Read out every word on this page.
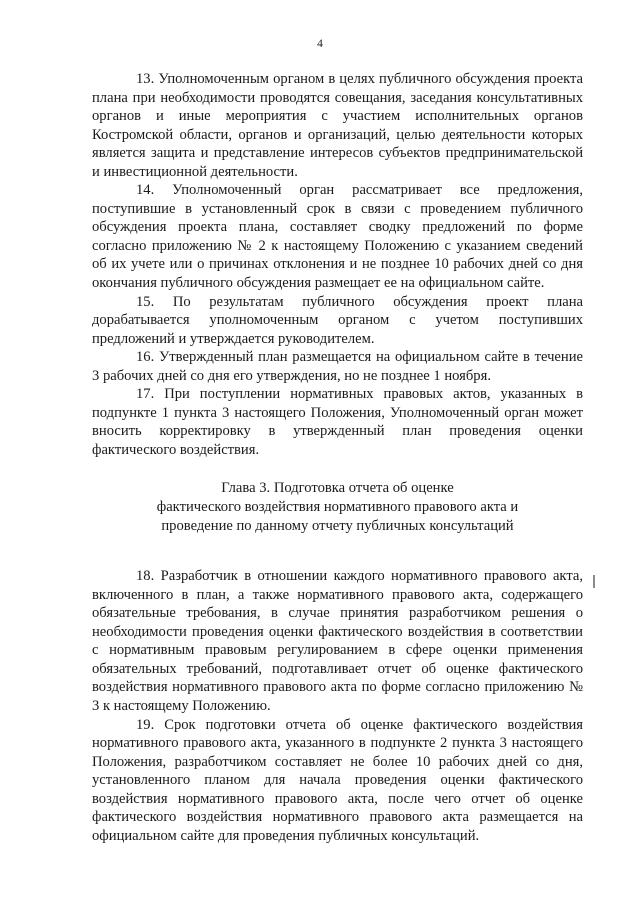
4

13. Уполномоченным органом в целях публичного обсуждения проекта плана при необходимости проводятся совещания, заседания консультативных органов и иные мероприятия с участием исполнительных органов Костромской области, органов и организаций, целью деятельности которых является защита и представление интересов субъектов предпринимательской и инвестиционной деятельности.

14. Уполномоченный орган рассматривает все предложения, поступившие в установленный срок в связи с проведением публичного обсуждения проекта плана, составляет сводку предложений по форме согласно приложению № 2 к настоящему Положению с указанием сведений об их учете или о причинах отклонения и не позднее 10 рабочих дней со дня окончания публичного обсуждения размещает ее на официальном сайте.

15. По результатам публичного обсуждения проект плана дорабатывается уполномоченным органом с учетом поступивших предложений и утверждается руководителем.

16. Утвержденный план размещается на официальном сайте в течение 3 рабочих дней со дня его утверждения, но не позднее 1 ноября.

17. При поступлении нормативных правовых актов, указанных в подпункте 1 пункта 3 настоящего Положения, Уполномоченный орган может вносить корректировку в утвержденный план проведения оценки фактического воздействия.

Глава 3. Подготовка отчета об оценке
фактического воздействия нормативного правового акта и
проведение по данному отчету публичных консультаций

18. Разработчик в отношении каждого нормативного правового акта, включенного в план, а также нормативного правового акта, содержащего обязательные требования, в случае принятия разработчиком решения о необходимости проведения оценки фактического воздействия в соответствии с нормативным правовым регулированием в сфере оценки применения обязательных требований, подготавливает отчет об оценке фактического воздействия нормативного правового акта по форме согласно приложению № 3 к настоящему Положению.

19. Срок подготовки отчета об оценке фактического воздействия нормативного правового акта, указанного в подпункте 2 пункта 3 настоящего Положения, разработчиком составляет не более 10 рабочих дней со дня, установленного планом для начала проведения оценки фактического воздействия нормативного правового акта, после чего отчет об оценке фактического воздействия нормативного правового акта размещается на официальном сайте для проведения публичных консультаций.
